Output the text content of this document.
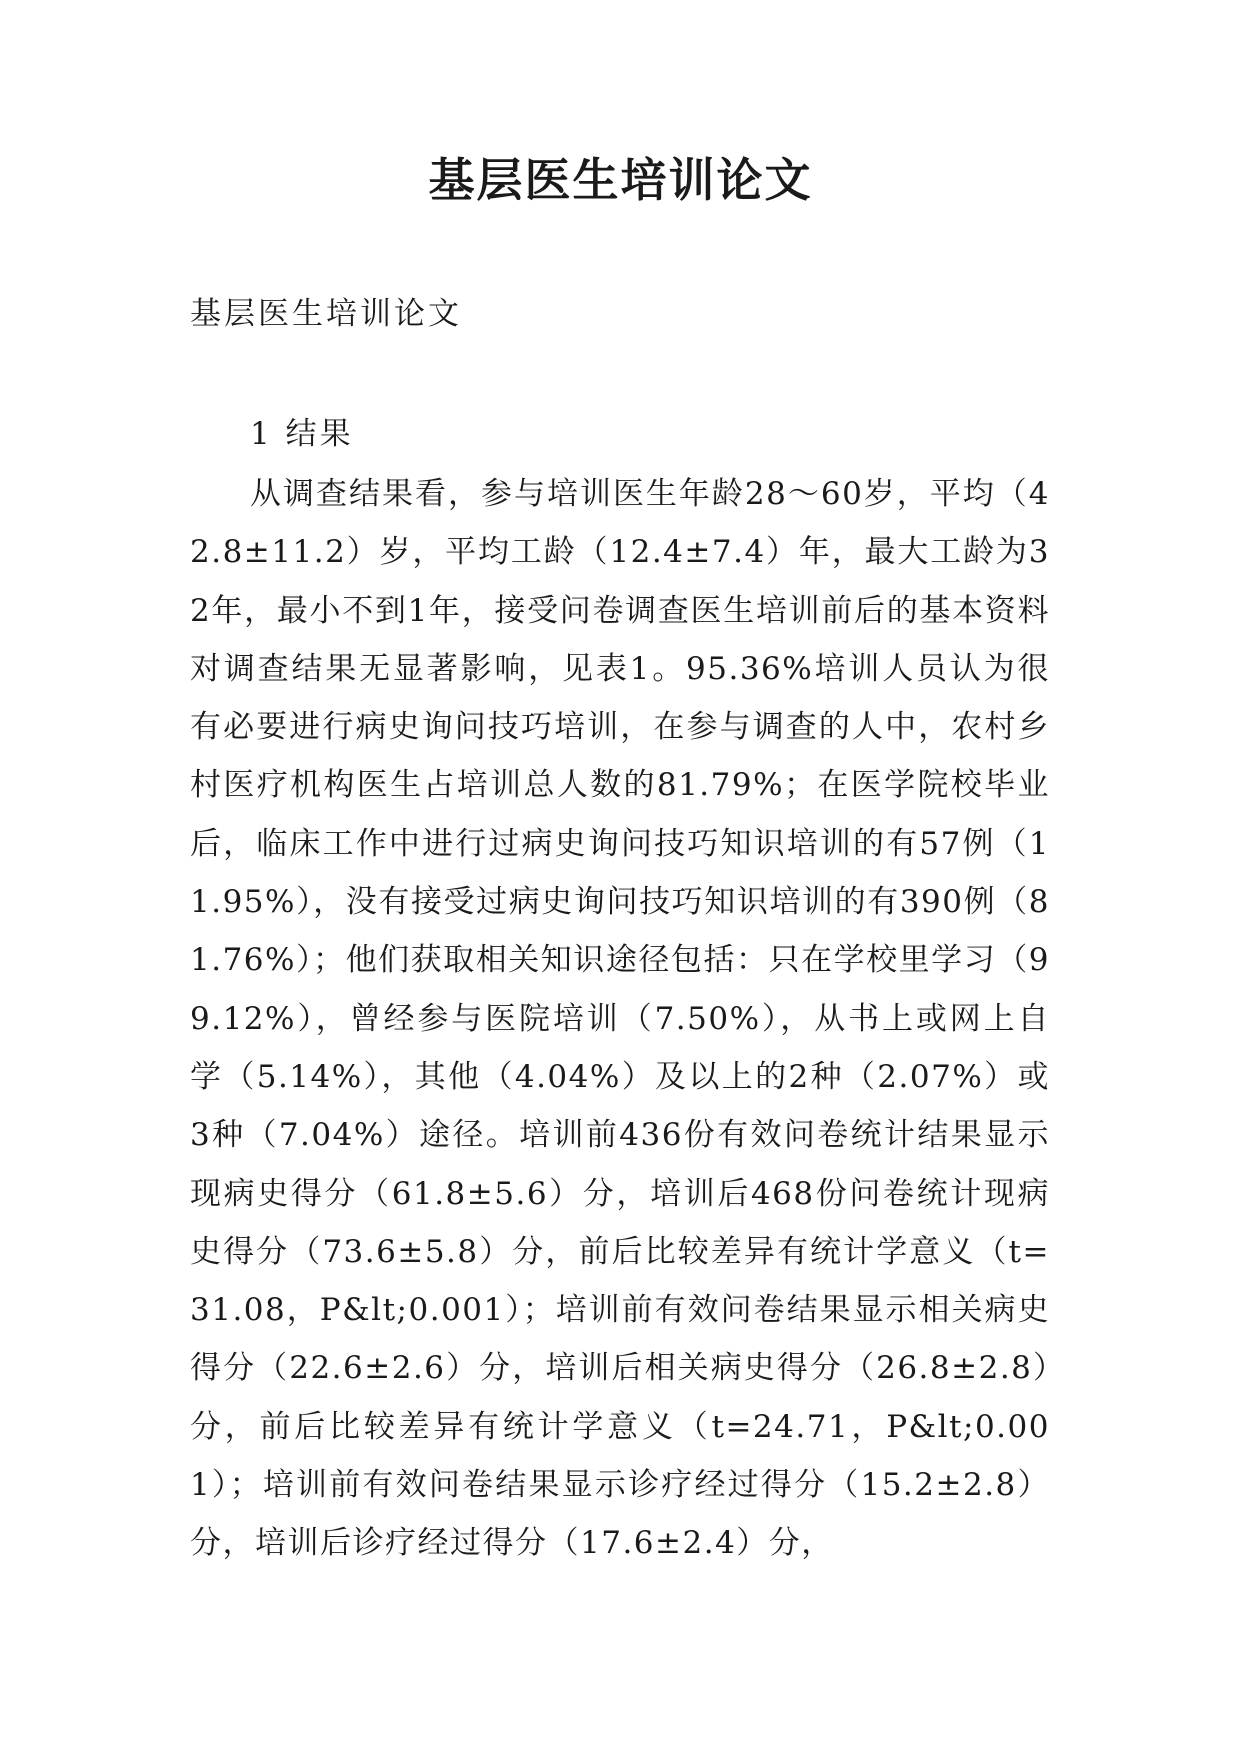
基层医生培训论文

基层医生培训论文

1 结果

从调查结果看，参与培训医生年龄28～60岁，平均（42.8±11.2）岁，平均工龄（12.4±7.4）年，最大工龄为32年，最小不到1年，接受问卷调查医生培训前后的基本资料对调查结果无显著影响，见表1。95.36%培训人员认为很有必要进行病史询问技巧培训，在参与调查的人中，农村乡村医疗机构医生占培训总人数的81.79%；在医学院校毕业后，临床工作中进行过病史询问技巧知识培训的有57例（11.95%），没有接受过病史询问技巧知识培训的有390例（81.76%）；他们获取相关知识途径包括：只在学校里学习（99.12%），曾经参与医院培训（7.50%），从书上或网上自学（5.14%），其他（4.04%）及以上的2种（2.07%）或3种（7.04%）途径。培训前436份有效问卷统计结果显示现病史得分（61.8±5.6）分，培训后468份问卷统计现病史得分（73.6±5.8）分，前后比较差异有统计学意义（t=31.08，P&lt;0.001）；培训前有效问卷结果显示相关病史得分（22.6±2.6）分，培训后相关病史得分（26.8±2.8）分，前后比较差异有统计学意义（t=24.71，P&lt;0.001）；培训前有效问卷结果显示诊疗经过得分（15.2±2.8）分，培训后诊疗经过得分（17.6±2.4）分，
